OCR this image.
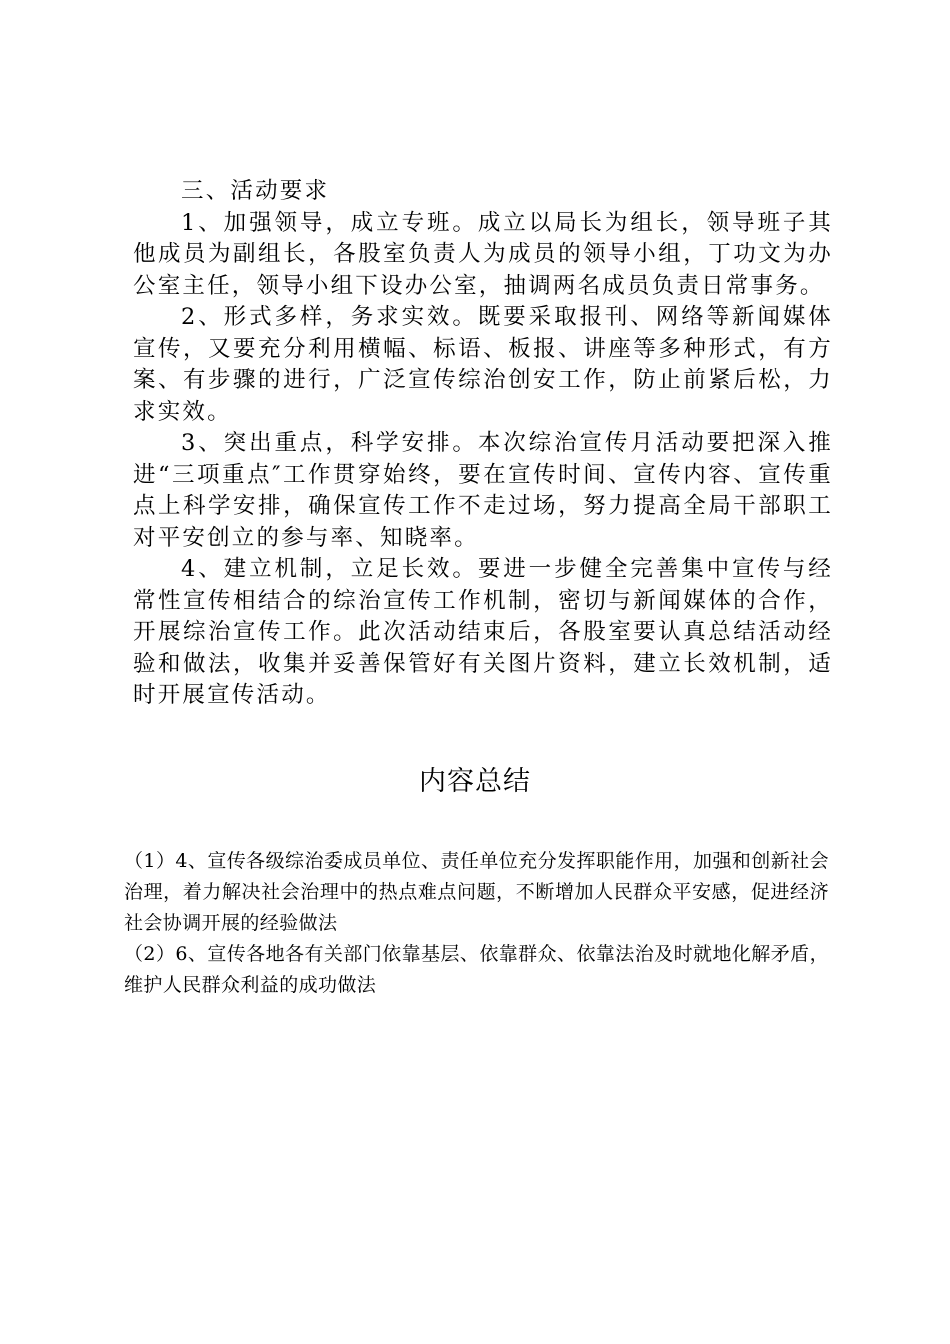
三、活动要求

1、加强领导，成立专班。成立以局长为组长，领导班子其他成员为副组长，各股室负责人为成员的领导小组，丁功文为办公室主任，领导小组下设办公室，抽调两名成员负责日常事务。

2、形式多样，务求实效。既要采取报刊、网络等新闻媒体宣传，又要充分利用横幅、标语、板报、讲座等多种形式，有方案、有步骤的进行，广泛宣传综治创安工作，防止前紧后松，力求实效。

3、突出重点，科学安排。本次综治宣传月活动要把深入推进“三项重点″工作贯穿始终，要在宣传时间、宣传内容、宣传重点上科学安排，确保宣传工作不走过场，努力提高全局干部职工对平安创立的参与率、知晓率。

4、建立机制，立足长效。要进一步健全完善集中宣传与经常性宣传相结合的综治宣传工作机制，密切与新闻媒体的合作，开展综治宣传工作。此次活动结束后，各股室要认真总结活动经验和做法，收集并妥善保管好有关图片资料，建立长效机制，适时开展宣传活动。

内容总结

（1）4、宣传各级综治委成员单位、责任单位充分发挥职能作用，加强和创新社会治理，着力解决社会治理中的热点难点问题，不断增加人民群众平安感，促进经济社会协调开展的经验做法

（2）6、宣传各地各有关部门依靠基层、依靠群众、依靠法治及时就地化解矛盾，维护人民群众利益的成功做法
